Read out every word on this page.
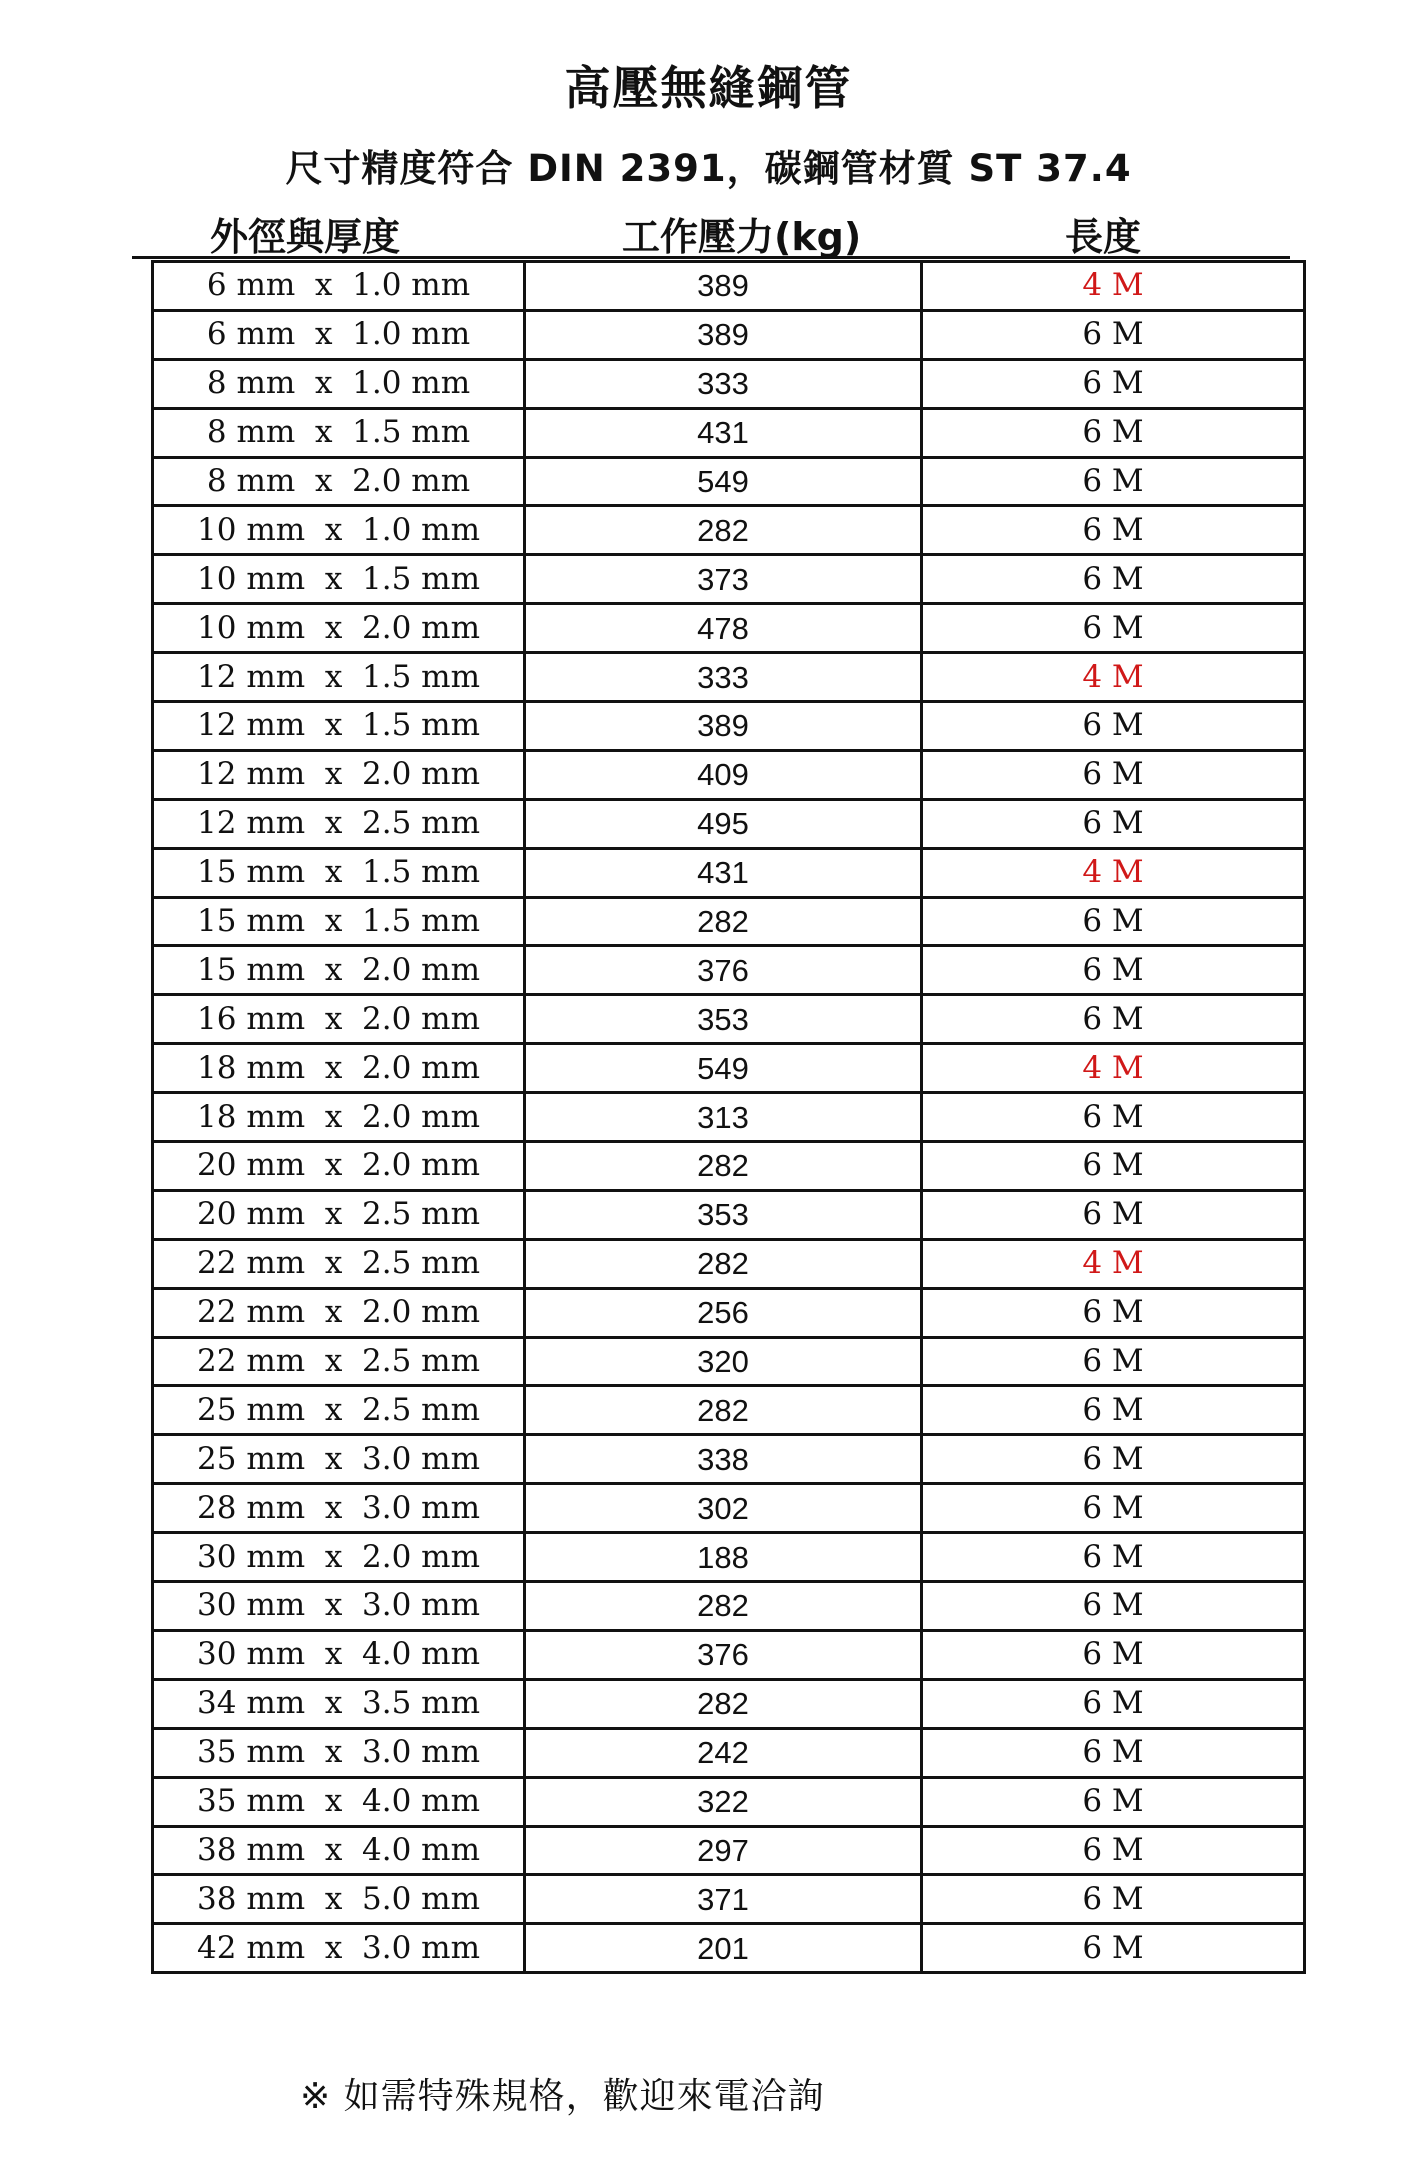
高壓無縫鋼管
尺寸精度符合 DIN 2391，碳鋼管材質 ST 37.4
外徑與厚度	工作壓力(kg)	長度
6 mm  x  1.0 mm	389	4 M
6 mm  x  1.0 mm	389	6 M
8 mm  x  1.0 mm	333	6 M
8 mm  x  1.5 mm	431	6 M
8 mm  x  2.0 mm	549	6 M
10 mm  x  1.0 mm	282	6 M
10 mm  x  1.5 mm	373	6 M
10 mm  x  2.0 mm	478	6 M
12 mm  x  1.5 mm	333	4 M
12 mm  x  1.5 mm	389	6 M
12 mm  x  2.0 mm	409	6 M
12 mm  x  2.5 mm	495	6 M
15 mm  x  1.5 mm	431	4 M
15 mm  x  1.5 mm	282	6 M
15 mm  x  2.0 mm	376	6 M
16 mm  x  2.0 mm	353	6 M
18 mm  x  2.0 mm	549	4 M
18 mm  x  2.0 mm	313	6 M
20 mm  x  2.0 mm	282	6 M
20 mm  x  2.5 mm	353	6 M
22 mm  x  2.5 mm	282	4 M
22 mm  x  2.0 mm	256	6 M
22 mm  x  2.5 mm	320	6 M
25 mm  x  2.5 mm	282	6 M
25 mm  x  3.0 mm	338	6 M
28 mm  x  3.0 mm	302	6 M
30 mm  x  2.0 mm	188	6 M
30 mm  x  3.0 mm	282	6 M
30 mm  x  4.0 mm	376	6 M
34 mm  x  3.5 mm	282	6 M
35 mm  x  3.0 mm	242	6 M
35 mm  x  4.0 mm	322	6 M
38 mm  x  4.0 mm	297	6 M
38 mm  x  5.0 mm	371	6 M
42 mm  x  3.0 mm	201	6 M
※ 如需特殊規格，歡迎來電洽詢
